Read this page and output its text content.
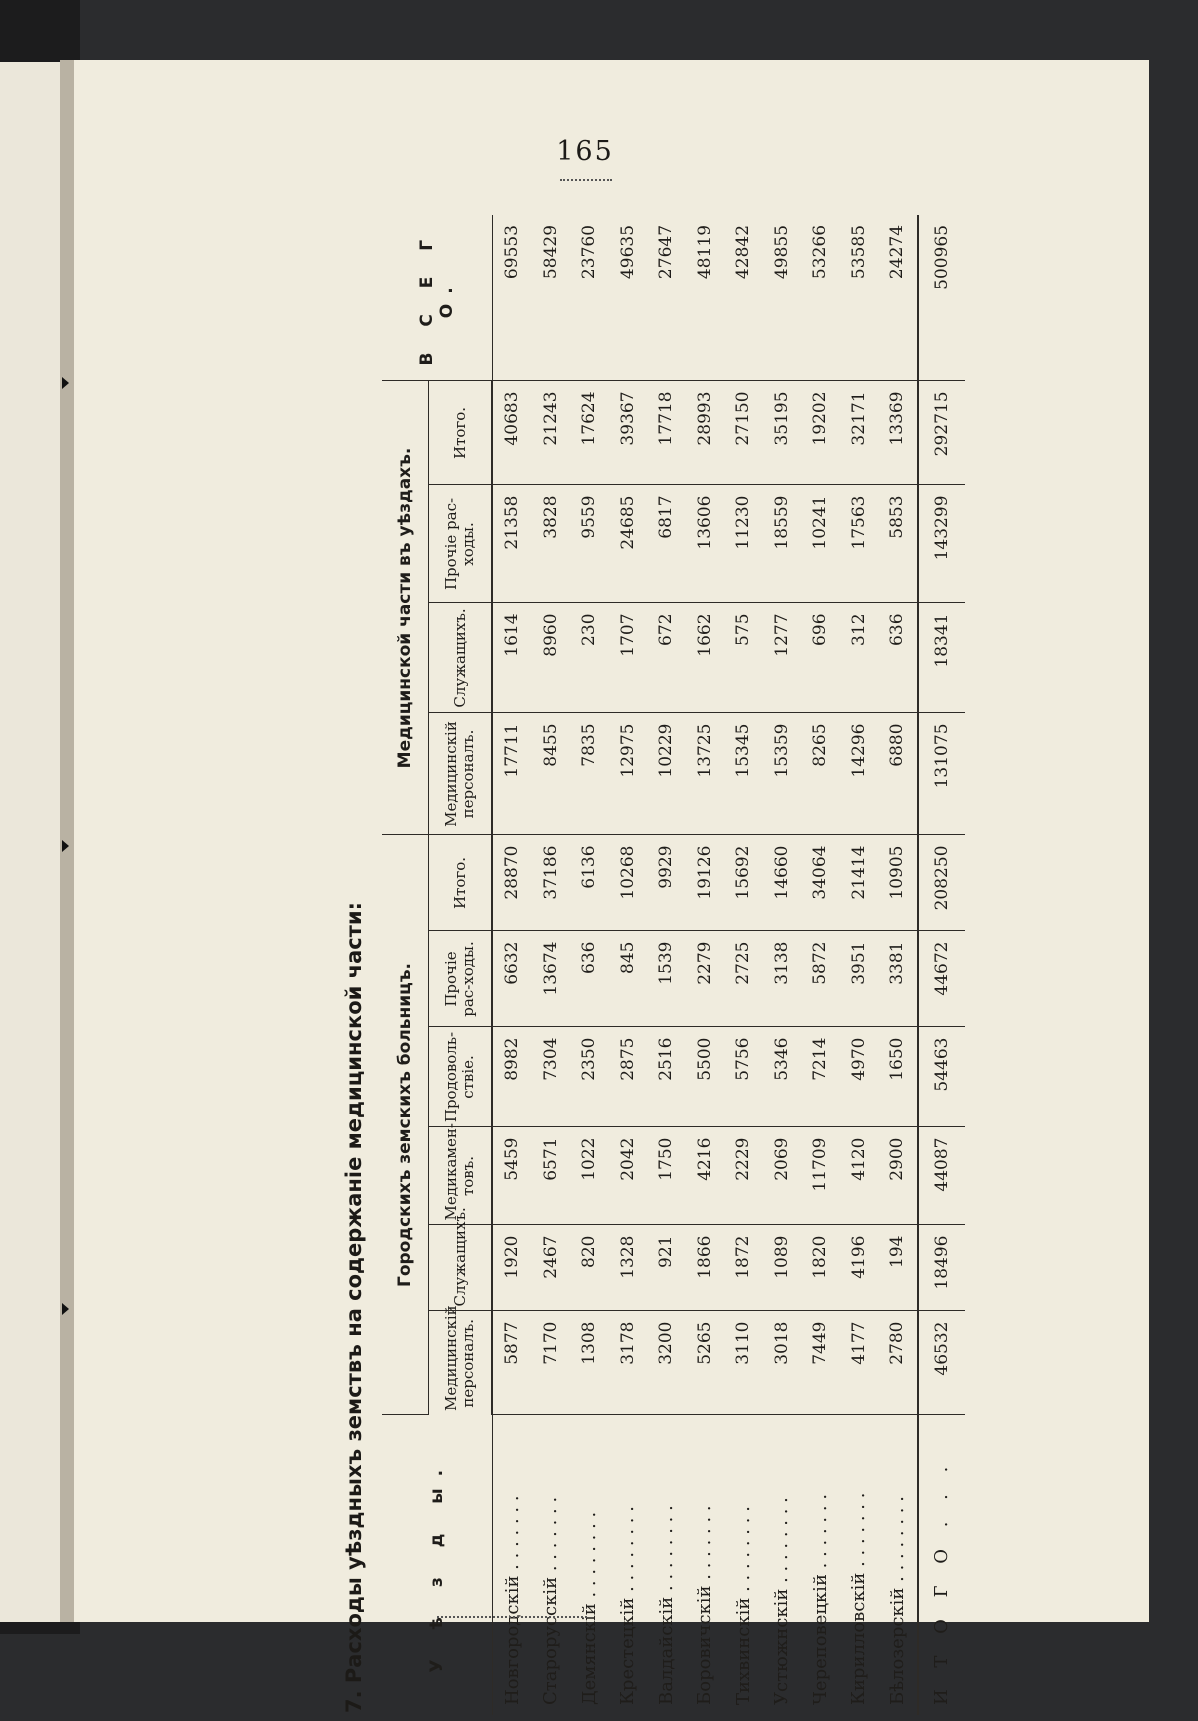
165
7. Расходы уѣздныхъ земствъ на содержаніе медицинской части:	У ѣ з д ы.	Городскихъ земскихъ больницъ.						Медицинской части въ уѣздахъ.				В С Е Г О.
	Медицинскій персоналъ.	Служащихъ.	Медикамен-товъ.	Продоволь-ствіе.	Прочіе рас-ходы.	Итого.	Медицинскій персоналъ.	Служащихъ.	Прочіе рас-ходы.	Итого.	
Новгородскій . . . . . . .	5877	1920	5459	8982	6632	28870	17711	1614	21358	40683	69553
Старорусскій . . . . . . .	7170	2467	6571	7304	13674	37186	8455	8960	3828	21243	58429
Демянскій . . . . . . . .	1308	820	1022	2350	636	6136	7835	230	9559	17624	23760
Крестецкій . . . . . . . .	3178	1328	2042	2875	845	10268	12975	1707	24685	39367	49635
Валдайскій . . . . . . . .	3200	921	1750	2516	1539	9929	10229	672	6817	17718	27647
Боровичскій . . . . . . .	5265	1866	4216	5500	2279	19126	13725	1662	13606	28993	48119
Тихвинскій . . . . . . . .	3110	1872	2229	5756	2725	15692	15345	575	11230	27150	42842
Устюжнскій . . . . . . . .	3018	1089	2069	5346	3138	14660	15359	1277	18559	35195	49855
Череповецкій . . . . . . .	7449	1820	11709	7214	5872	34064	8265	696	10241	19202	53266
Кирилловскій . . . . . . .	4177	4196	4120	4970	3951	21414	14296	312	17563	32171	53585
Бѣлозерскій . . . . . . . .	2780	194	2900	1650	3381	10905	6880	636	5853	13369	24274
И Т О Г О . . .	46532	18496	44087	54463	44672	208250	131075	18341	143299	292715	500965
